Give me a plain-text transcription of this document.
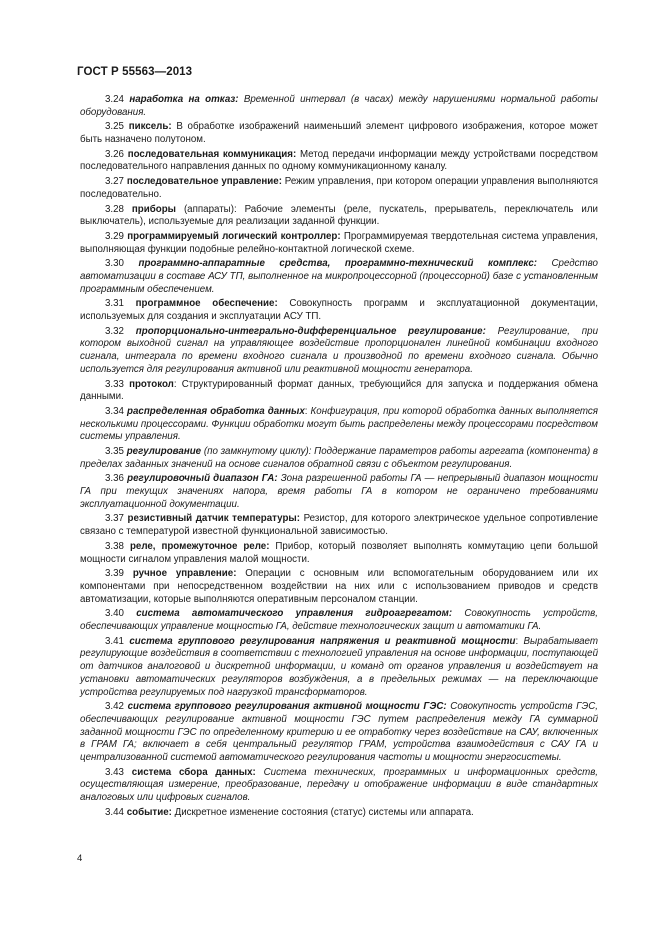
ГОСТ Р 55563—2013

3.24 наработка на отказ: Временной интервал (в часах) между нарушениями нормальной работы оборудования.

3.25 пиксель: В обработке изображений наименьший элемент цифрового изображения, которое может быть назначено полутоном.

3.26 последовательная коммуникация: Метод передачи информации между устройствами посредством последовательного направления данных по одному коммуникационному каналу.

3.27 последовательное управление: Режим управления, при котором операции управления выполняются последовательно.

3.28 приборы (аппараты): Рабочие элементы (реле, пускатель, прерыватель, переключатель или выключатель), используемые для реализации заданной функции.

3.29 программируемый логический контроллер: Программируемая твердотельная система управления, выполняющая функции подобные релейно-контактной логической схеме.

3.30 программно-аппаратные средства, программно-технический комплекс: Средство автоматизации в составе АСУ ТП, выполненное на микропроцессорной (процессорной) базе с установленным программным обеспечением.

3.31 программное обеспечение: Совокупность программ и эксплуатационной документации, используемых для создания и эксплуатации АСУ ТП.

3.32 пропорционально-интегрально-дифференциальное регулирование: Регулирование, при котором выходной сигнал на управляющее воздействие пропорционален линейной комбинации входного сигнала, интеграла по времени входного сигнала и производной по времени входного сигнала. Обычно используется для регулирования активной или реактивной мощности генератора.

3.33 протокол: Структурированный формат данных, требующийся для запуска и поддержания обмена данными.

3.34 распределенная обработка данных: Конфигурация, при которой обработка данных выполняется несколькими процессорами. Функции обработки могут быть распределены между процессорами посредством системы управления.

3.35 регулирование (по замкнутому циклу): Поддержание параметров работы агрегата (компонента) в пределах заданных значений на основе сигналов обратной связи с объектом регулирования.

3.36 регулировочный диапазон ГА: Зона разрешенной работы ГА — непрерывный диапазон мощности ГА при текущих значениях напора, время работы ГА в котором не ограничено требованиями эксплуатационной документации.

3.37 резистивный датчик температуры: Резистор, для которого электрическое удельное сопротивление связано с температурой известной функциональной зависимостью.

3.38 реле, промежуточное реле: Прибор, который позволяет выполнять коммутацию цепи большой мощности сигналом управления малой мощности.

3.39 ручное управление: Операции с основным или вспомогательным оборудованием или их компонентами при непосредственном воздействии на них или с использованием приводов и средств автоматизации, которые выполняются оперативным персоналом станции.

3.40 система автоматического управления гидроагрегатом: Совокупность устройств, обеспечивающих управление мощностью ГА, действие технологических защит и автоматики ГА.

3.41 система группового регулирования напряжения и реактивной мощности: Вырабатывает регулирующие воздействия в соответствии с технологией управления на основе информации, поступающей от датчиков аналоговой и дискретной информации, и команд от органов управления и воздействует на установки автоматических регуляторов возбуждения, а в предельных режимах — на переключающие устройства регулируемых под нагрузкой трансформаторов.

3.42 система группового регулирования активной мощности ГЭС: Совокупность устройств ГЭС, обеспечивающих регулирование активной мощности ГЭС путем распределения между ГА суммарной заданной мощности ГЭС по определенному критерию и ее отработку через воздействие на САУ, включенных в ГРАМ ГА; включает в себя центральный регулятор ГРАМ, устройства взаимодействия с САУ ГА и централизованной системой автоматического регулирования частоты и мощности энергосистемы.

3.43 система сбора данных: Система технических, программных и информационных средств, осуществляющая измерение, преобразование, передачу и отображение информации в виде стандартных аналоговых или цифровых сигналов.

3.44 событие: Дискретное изменение состояния (статус) системы или аппарата.

4
